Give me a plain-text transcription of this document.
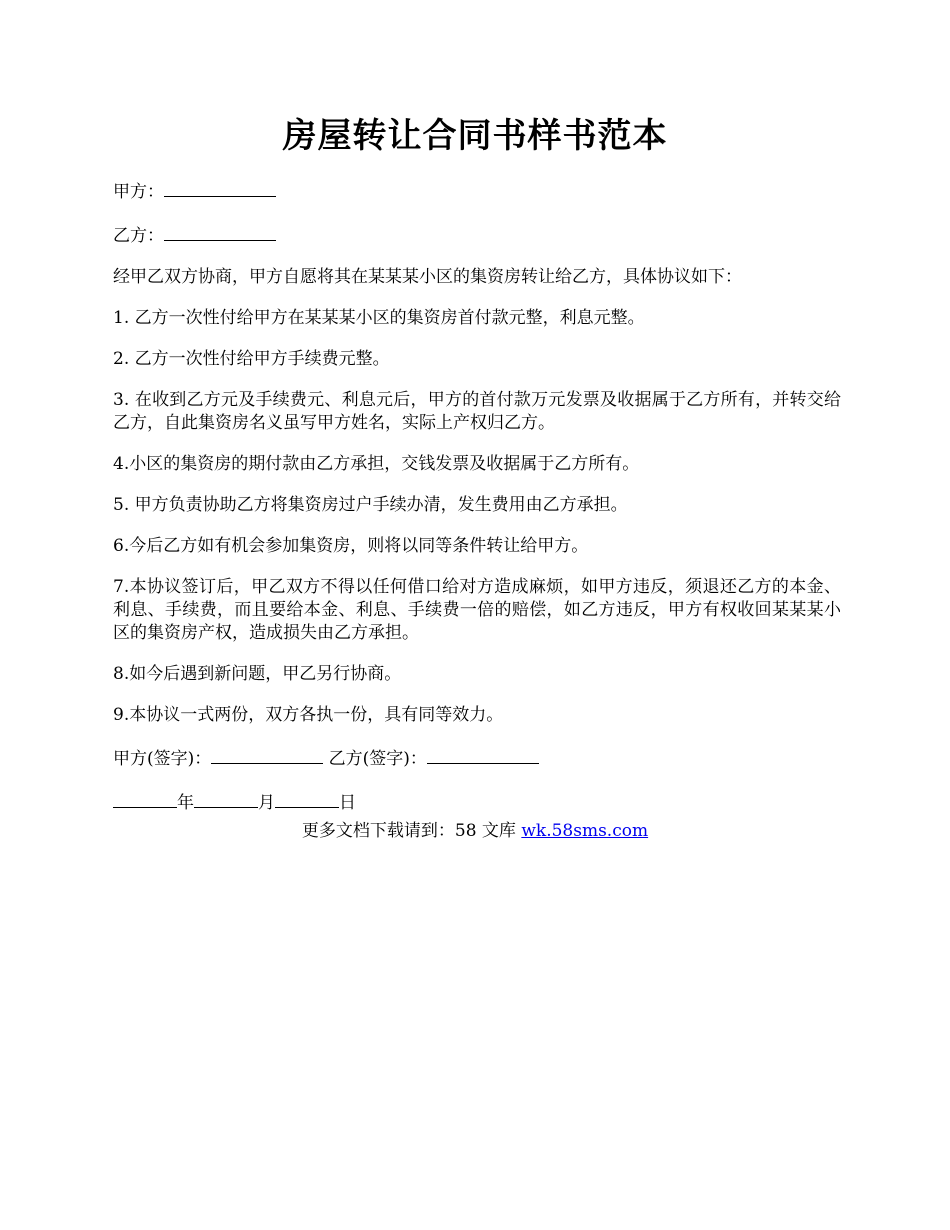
房屋转让合同书样书范本

甲方：

乙方：

经甲乙双方协商，甲方自愿将其在某某某小区的集资房转让给乙方，具体协议如下：

1. 乙方一次性付给甲方在某某某小区的集资房首付款元整，利息元整。

2. 乙方一次性付给甲方手续费元整。

3. 在收到乙方元及手续费元、利息元后，甲方的首付款万元发票及收据属于乙方所有，并转交给乙方，自此集资房名义虽写甲方姓名，实际上产权归乙方。

4.小区的集资房的期付款由乙方承担，交钱发票及收据属于乙方所有。

5. 甲方负责协助乙方将集资房过户手续办清，发生费用由乙方承担。

6.今后乙方如有机会参加集资房，则将以同等条件转让给甲方。

7.本协议签订后，甲乙双方不得以任何借口给对方造成麻烦，如甲方违反，须退还乙方的本金、利息、手续费，而且要给本金、利息、手续费一倍的赔偿，如乙方违反，甲方有权收回某某某小区的集资房产权，造成损失由乙方承担。

8.如今后遇到新问题，甲乙另行协商。

9.本协议一式两份，双方各执一份，具有同等效力。

甲方(签字)：	乙方(签字)：

年	月	日

更多文档下载请到：58 文库 wk.58sms.com
